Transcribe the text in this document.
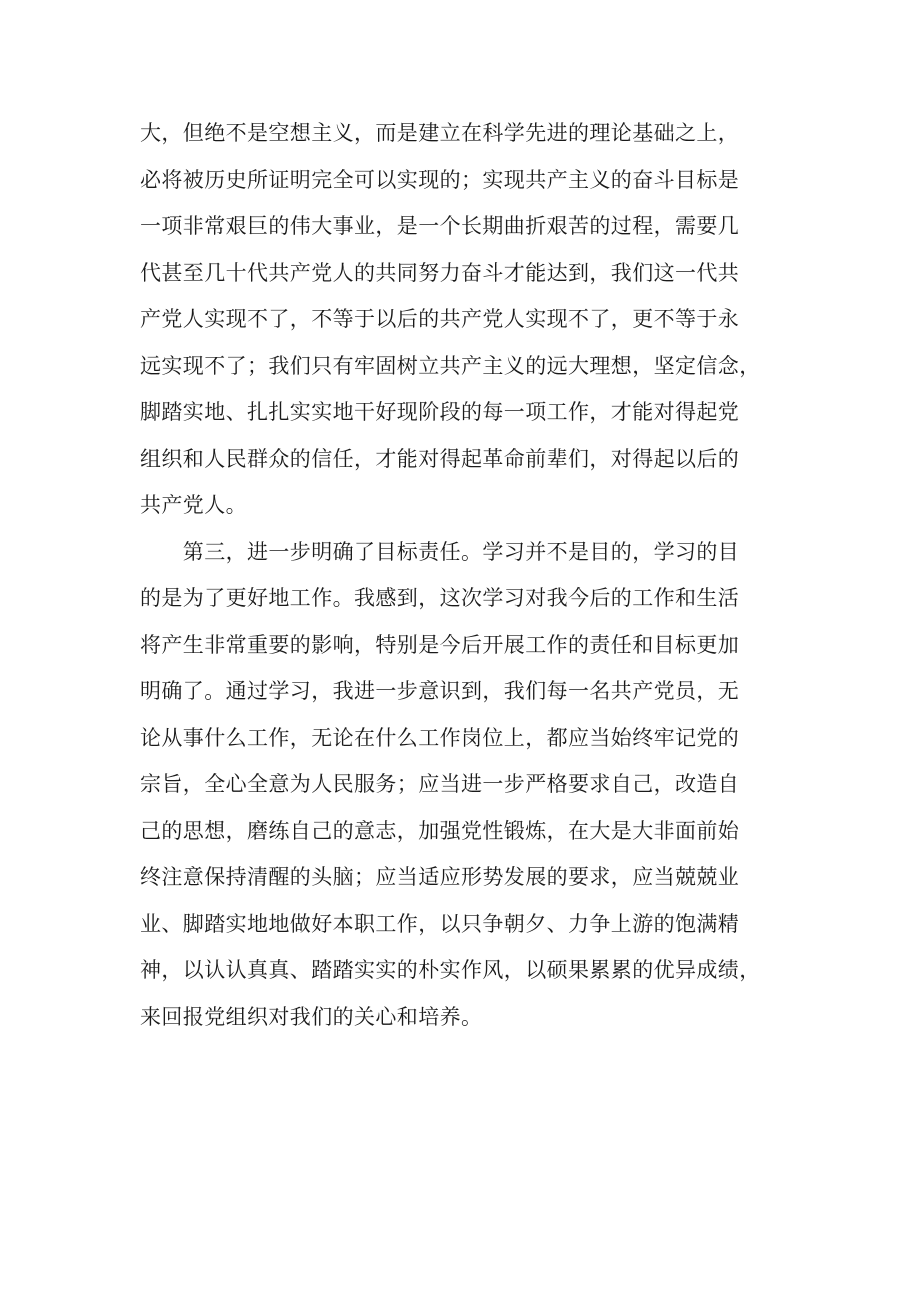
大，但绝不是空想主义，而是建立在科学先进的理论基础之上，
必将被历史所证明完全可以实现的；实现共产主义的奋斗目标是
一项非常艰巨的伟大事业，是一个长期曲折艰苦的过程，需要几
代甚至几十代共产党人的共同努力奋斗才能达到，我们这一代共
产党人实现不了，不等于以后的共产党人实现不了，更不等于永
远实现不了；我们只有牢固树立共产主义的远大理想，坚定信念，
脚踏实地、扎扎实实地干好现阶段的每一项工作，才能对得起党
组织和人民群众的信任，才能对得起革命前辈们，对得起以后的
共产党人。
　　第三，进一步明确了目标责任。学习并不是目的，学习的目
的是为了更好地工作。我感到，这次学习对我今后的工作和生活
将产生非常重要的影响，特别是今后开展工作的责任和目标更加
明确了。通过学习，我进一步意识到，我们每一名共产党员，无
论从事什么工作，无论在什么工作岗位上，都应当始终牢记党的
宗旨，全心全意为人民服务；应当进一步严格要求自己，改造自
己的思想，磨练自己的意志，加强党性锻炼，在大是大非面前始
终注意保持清醒的头脑；应当适应形势发展的要求，应当兢兢业
业、脚踏实地地做好本职工作，以只争朝夕、力争上游的饱满精
神，以认认真真、踏踏实实的朴实作风，以硕果累累的优异成绩，
来回报党组织对我们的关心和培养。
